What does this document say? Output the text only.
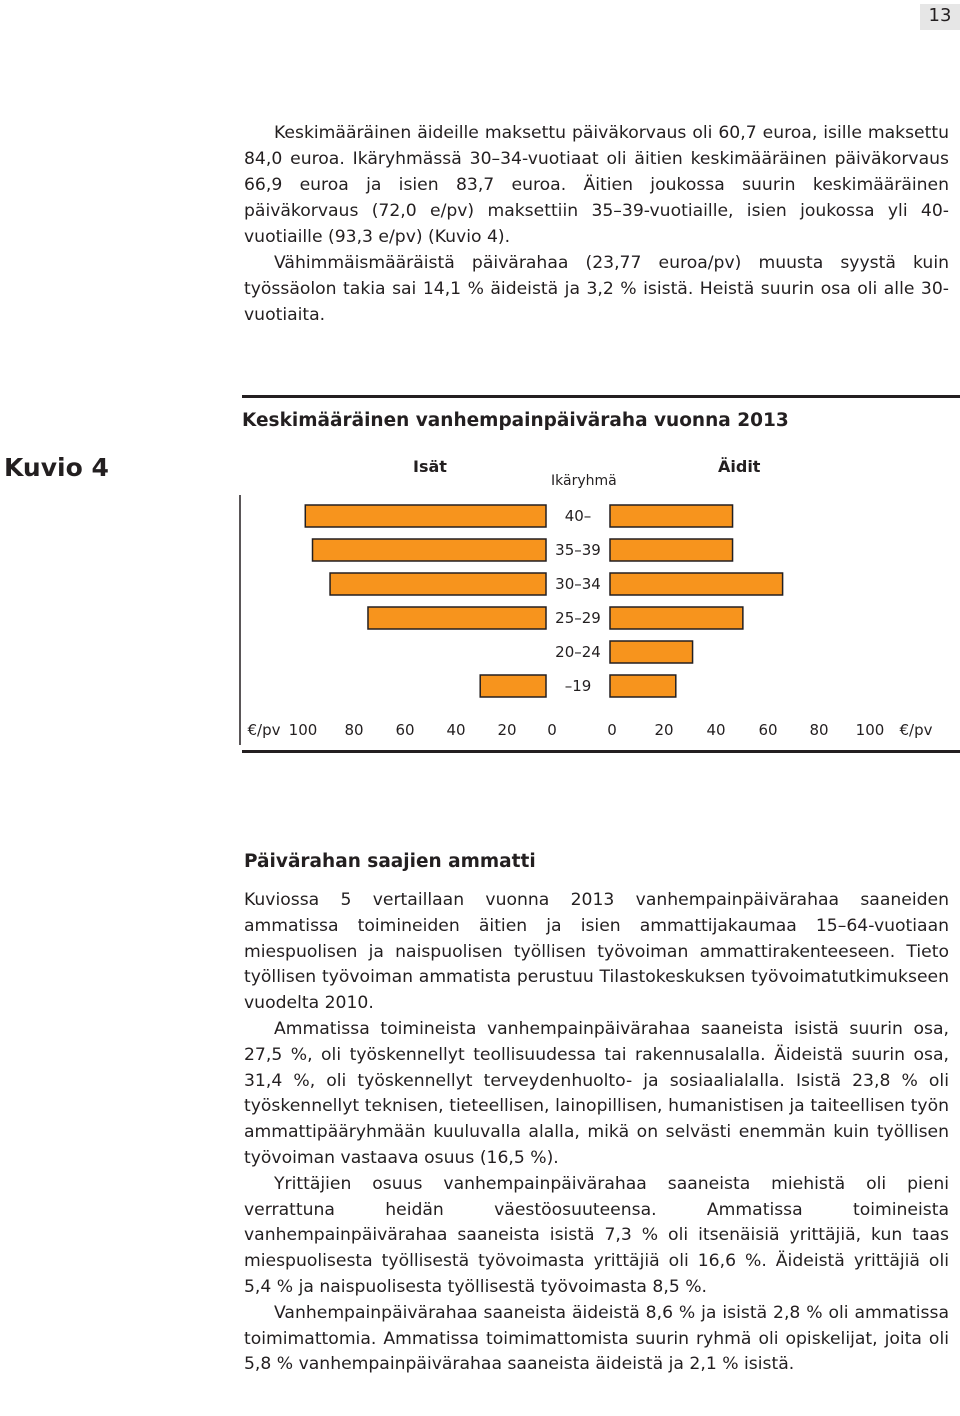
13

Keskimääräinen äideille maksettu päiväkorvaus oli 60,7 euroa, isille maksettu 84,0 euroa. Ikäryhmässä 30–34-vuotiaat oli äitien keskimääräinen päiväkorvaus 66,9 euroa ja isien 83,7 euroa. Äitien joukossa suurin keskimääräinen päiväkorvaus (72,0 e/pv) maksettiin 35–39-vuotiaille, isien joukossa yli 40-vuotiaille (93,3 e/pv) (Kuvio 4).

Vähimmäismääräistä päivärahaa (23,77 euroa/pv) muusta syystä kuin työssäolon takia sai 14,1 % äideistä ja 3,2 % isistä. Heistä suurin osa oli alle 30-vuotiaita.

Keskimääräinen vanhempainpäiväraha vuonna 2013
Kuvio 4	Isät	Äidit
Ikäryhmä
40–
35–39
30–34
25–29
20–24
–19
€/pv 100 80 60 40 20 0	0	20 40 60 80 100 €/pv
Päivärahan saajien ammatti

Kuviossa 5 vertaillaan vuonna 2013 vanhempainpäivärahaa saaneiden ammatissa toimineiden äitien ja isien ammattijakaumaa 15–64-vuotiaan miespuolisen ja naispuolisen työllisen työvoiman ammattirakenteeseen. Tieto työllisen työvoiman ammatista perustuu Tilastokeskuksen työvoimatutkimukseen vuodelta 2010.

Ammatissa toimineista vanhempainpäivärahaa saaneista isistä suurin osa, 27,5 %, oli työskennellyt teollisuudessa tai rakennusalalla. Äideistä suurin osa, 31,4 %, oli työskennellyt terveydenhuolto- ja sosiaalialalla. Isistä 23,8 % oli työskennellyt teknisen, tieteellisen, lainopillisen, humanistisen ja taiteellisen työn ammattipääryhmään kuuluvalla alalla, mikä on selvästi enemmän kuin työllisen työvoiman vastaava osuus (16,5 %).

Yrittäjien osuus vanhempainpäivärahaa saaneista miehistä oli pieni verrattuna heidän väestöosuuteensa. Ammatissa toimineista vanhempainpäivärahaa saaneista isistä 7,3 % oli itsenäisiä yrittäjiä, kun taas miespuolisesta työllisestä työvoimasta yrittäjiä oli 16,6 %. Äideistä yrittäjiä oli 5,4 % ja naispuolisesta työllisestä työvoimasta 8,5 %.

Vanhempainpäivärahaa saaneista äideistä 8,6 % ja isistä 2,8 % oli ammatissa toimimattomia. Ammatissa toimimattomista suurin ryhmä oli opiskelijat, joita oli 5,8 % vanhempainpäivärahaa saaneista äideistä ja 2,1 % isistä.
